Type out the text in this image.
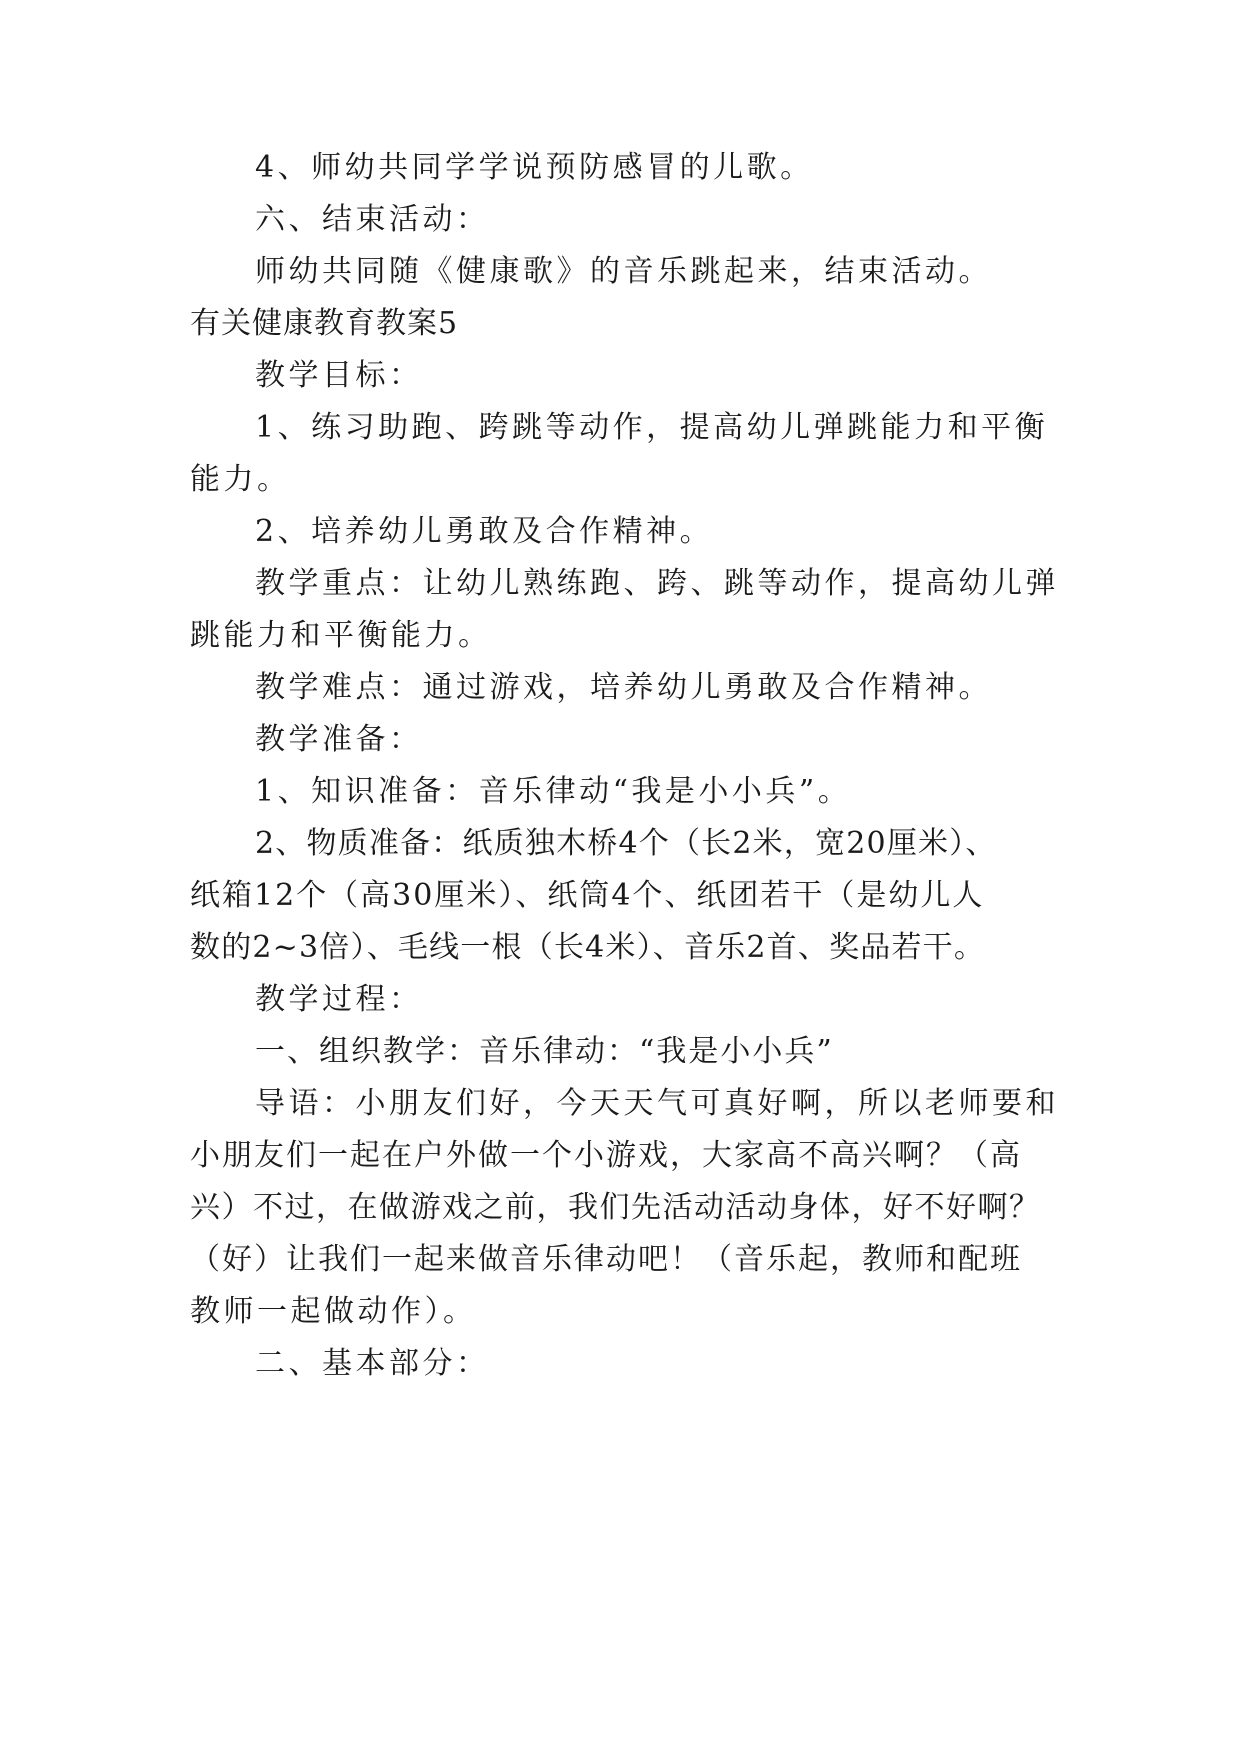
4、师幼共同学学说预防感冒的儿歌。
六、结束活动：
师幼共同随《健康歌》的音乐跳起来，结束活动。
有关健康教育教案5
教学目标：
1、练习助跑、跨跳等动作，提高幼儿弹跳能力和平衡
能力。
2、培养幼儿勇敢及合作精神。
教学重点：让幼儿熟练跑、跨、跳等动作，提高幼儿弹
跳能力和平衡能力。
教学难点：通过游戏，培养幼儿勇敢及合作精神。
教学准备：
1、知识准备：音乐律动“我是小小兵”。
2、物质准备：纸质独木桥4个（长2米，宽20厘米）、
纸箱12个（高30厘米）、纸筒4个、纸团若干（是幼儿人
数的2~3倍）、毛线一根（长4米）、音乐2首、奖品若干。
教学过程：
一、组织教学：音乐律动：“我是小小兵”
导语：小朋友们好，今天天气可真好啊，所以老师要和
小朋友们一起在户外做一个小游戏，大家高不高兴啊？（高
兴）不过，在做游戏之前，我们先活动活动身体，好不好啊？
（好）让我们一起来做音乐律动吧！（音乐起，教师和配班
教师一起做动作）。
二、基本部分：
